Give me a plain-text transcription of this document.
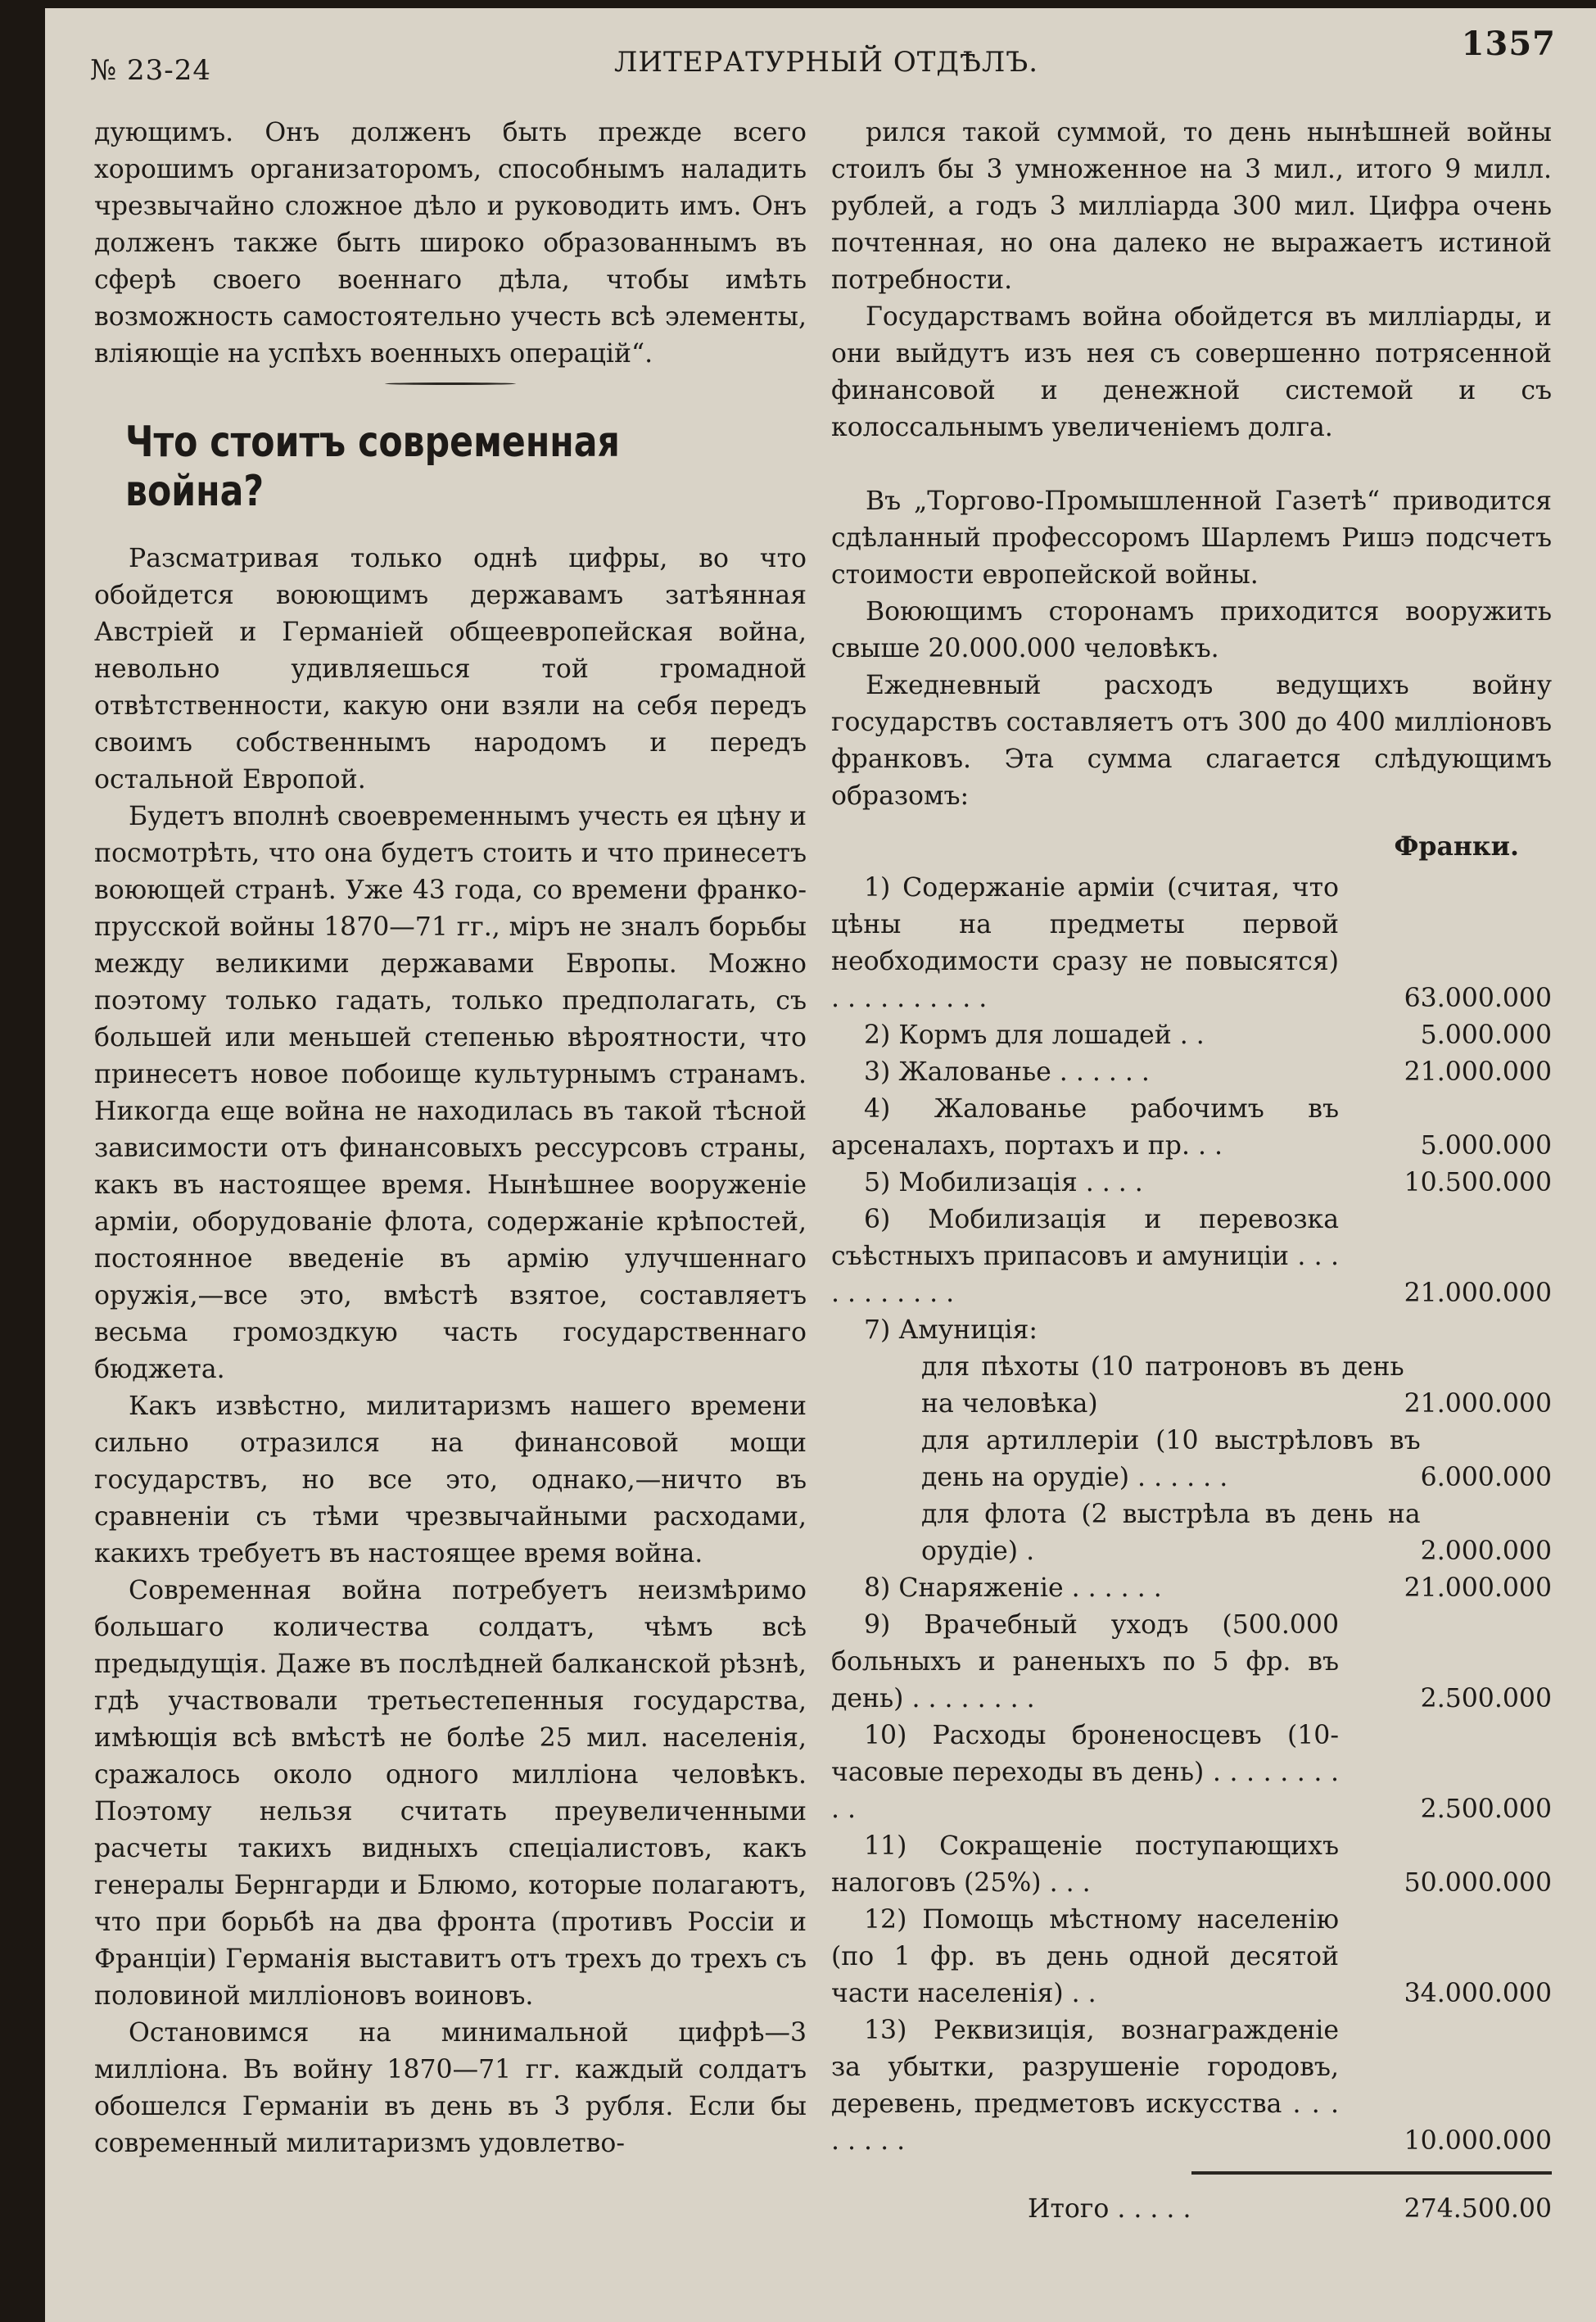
№ 23-24	ЛИТЕРАТУРНЫЙ ОТДѢЛЪ.	1357

дующимъ. Онъ долженъ быть прежде всего хорошимъ организаторомъ, способнымъ наладить чрезвычайно сложное дѣло и руководить имъ. Онъ долженъ также быть широко образованнымъ въ сферѣ своего военнаго дѣла, чтобы имѣть возможность самостоятельно учесть всѣ элементы, вліяющіе на успѣхъ военныхъ операцій“.

Что стоитъ современная война?

Разсматривая только однѣ цифры, во что обойдется воюющимъ державамъ затѣянная Австріей и Германіей общеевропейская война, невольно удивляешься той громадной отвѣтственности, какую они взяли на себя передъ своимъ собственнымъ народомъ и передъ остальной Европой.

Будетъ вполнѣ своевременнымъ учесть ея цѣну и посмотрѣть, что она будетъ стоить и что принесетъ воюющей странѣ. Уже 43 года, со времени франко-прусской войны 1870—71 гг., міръ не зналъ борьбы между великими державами Европы. Можно поэтому только гадать, только предполагать, съ большей или меньшей степенью вѣроятности, что принесетъ новое побоище культурнымъ странамъ. Никогда еще война не находилась въ такой тѣсной зависимости отъ финансовыхъ рессурсовъ страны, какъ въ настоящее время. Нынѣшнее вооруженіе арміи, оборудованіе флота, содержаніе крѣпостей, постоянное введеніе въ армію улучшеннаго оружія,—все это, вмѣстѣ взятое, составляетъ весьма громоздкую часть государственнаго бюджета.

Какъ извѣстно, милитаризмъ нашего времени сильно отразился на финансовой мощи государствъ, но все это, однако,—ничто въ сравненіи съ тѣми чрезвычайными расходами, какихъ требуетъ въ настоящее время война.

Современная война потребуетъ неизмѣримо большаго количества солдатъ, чѣмъ всѣ предыдущія. Даже въ послѣдней балканской рѣзнѣ, гдѣ участвовали третьестепенныя государства, имѣющія всѣ вмѣстѣ не болѣе 25 мил. населенія, сражалось около одного милліона человѣкъ. Поэтому нельзя считать преувеличенными расчеты такихъ видныхъ спеціалистовъ, какъ генералы Бернгарди и Блюмо, которые полагаютъ, что при борьбѣ на два фронта (противъ Россіи и Франціи) Германія выставитъ отъ трехъ до трехъ съ половиной милліоновъ воиновъ.

Остановимся на минимальной цифрѣ—3 милліона. Въ войну 1870—71 гг. каждый солдатъ обошелся Германіи въ день въ 3 рубля. Если бы современный милитаризмъ удовлетво-

рился такой суммой, то день нынѣшней войны стоилъ бы 3 умноженное на 3 мил., итого 9 милл. рублей, а годъ 3 милліарда 300 мил. Цифра очень почтенная, но она далеко не выражаетъ истиной потребности.

Государствамъ война обойдется въ милліарды, и они выйдутъ изъ нея съ совершенно потрясенной финансовой и денежной системой и съ колоссальнымъ увеличеніемъ долга.

Въ „Торгово-Промышленной Газетѣ“ приводится сдѣланный профессоромъ Шарлемъ Ришэ подсчетъ стоимости европейской войны.

Воюющимъ сторонамъ приходится вооружить свыше 20.000.000 человѣкъ.

Ежедневный расходъ ведущихъ войну государствъ составляетъ отъ 300 до 400 милліоновъ франковъ. Эта сумма слагается слѣдующимъ образомъ:

Франки.
1) Содержаніе арміи (считая, что цѣны на предметы первой необходимости сразу не повысятся) . . . . . . . . . .	63.000.000
2) Кормъ для лошадей . .	5.000.000
3) Жалованье . . . . . .	21.000.000
4) Жалованье рабочимъ въ арсеналахъ, портахъ и пр. . .	5.000.000
5) Мобилизація . . . .	10.500.000
6) Мобилизація и перевозка съѣстныхъ припасовъ и амуниціи . . . . . . . . . . .	21.000.000
7) Амуниція:
для пѣхоты (10 патроновъ въ день на человѣка)	21.000.000
для артиллеріи (10 выстрѣловъ въ день на орудіе) . . . . . .	6.000.000
для флота (2 выстрѣла въ день на орудіе) .	2.000.000
8) Снаряженіе . . . . . .	21.000.000
9) Врачебный уходъ (500.000 больныхъ и раненыхъ по 5 фр. въ день) . . . . . . . .	2.500.000
10) Расходы броненосцевъ (10-часовые переходы въ день) . . . . . . . . . .	2.500.000
11) Сокращеніе поступающихъ налоговъ (25%) . . .	50.000.000
12) Помощь мѣстному населенію (по 1 фр. въ день одной десятой части населенія) . .	34.000.000
13) Реквизиція, вознагражденіе за убытки, разрушеніе городовъ, деревень, предметовъ искусства . . . . . . . .	10.000.000
Итого . . . . .	274.500.00
